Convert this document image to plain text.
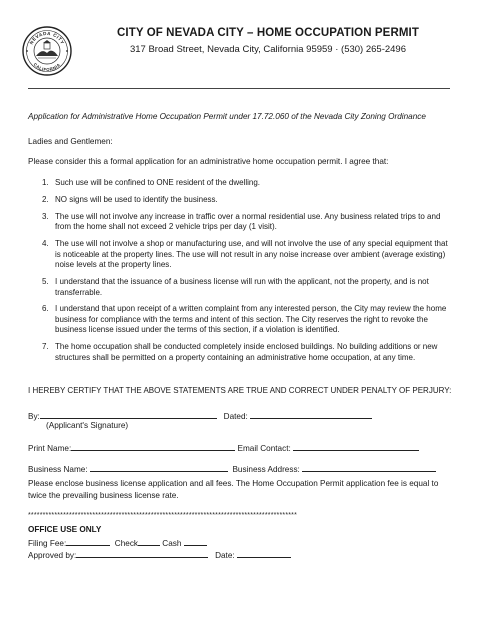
NEVADA CITY
CALIFORNIA
CITY OF NEVADA CITY – HOME OCCUPATION PERMIT
317 Broad Street, Nevada City, California 95959 · (530) 265-2496
Application for Administrative Home Occupation Permit under 17.72.060 of the Nevada City Zoning Ordinance
Ladies and Gentlemen:
Please consider this a formal application for an administrative home occupation permit. I agree that:
1. Such use will be confined to ONE resident of the dwelling.
2. NO signs will be used to identify the business.
3. The use will not involve any increase in traffic over a normal residential use. Any business related trips to and from the home shall not exceed 2 vehicle trips per day (1 visit).
4. The use will not involve a shop or manufacturing use, and will not involve the use of any special equipment that is noticeable at the property lines. The use will not result in any noise increase over ambient (average existing) noise levels at the property lines.
5. I understand that the issuance of a business license will run with the applicant, not the property, and is not transferrable.
6. I understand that upon receipt of a written complaint from any interested person, the City may review the home business for compliance with the terms and intent of this section. The City reserves the right to revoke the business license issued under the terms of this section, if a violation is identified.
7. The home occupation shall be conducted completely inside enclosed buildings. No building additions or new structures shall be permitted on a property containing an administrative home occupation, at any time.
I HEREBY CERTIFY THAT THE ABOVE STATEMENTS ARE TRUE AND CORRECT UNDER PENALTY OF PERJURY:
By:	Dated:
(Applicant's Signature)
Print Name:	Email Contact:
Business Name:	Business Address:
Please enclose business license application and all fees. The Home Occupation Permit application fee is equal to twice the prevailing business license rate.
********************************************************************************************
OFFICE USE ONLY
Filing Fee:	Check	Cash
Approved by:	Date:
